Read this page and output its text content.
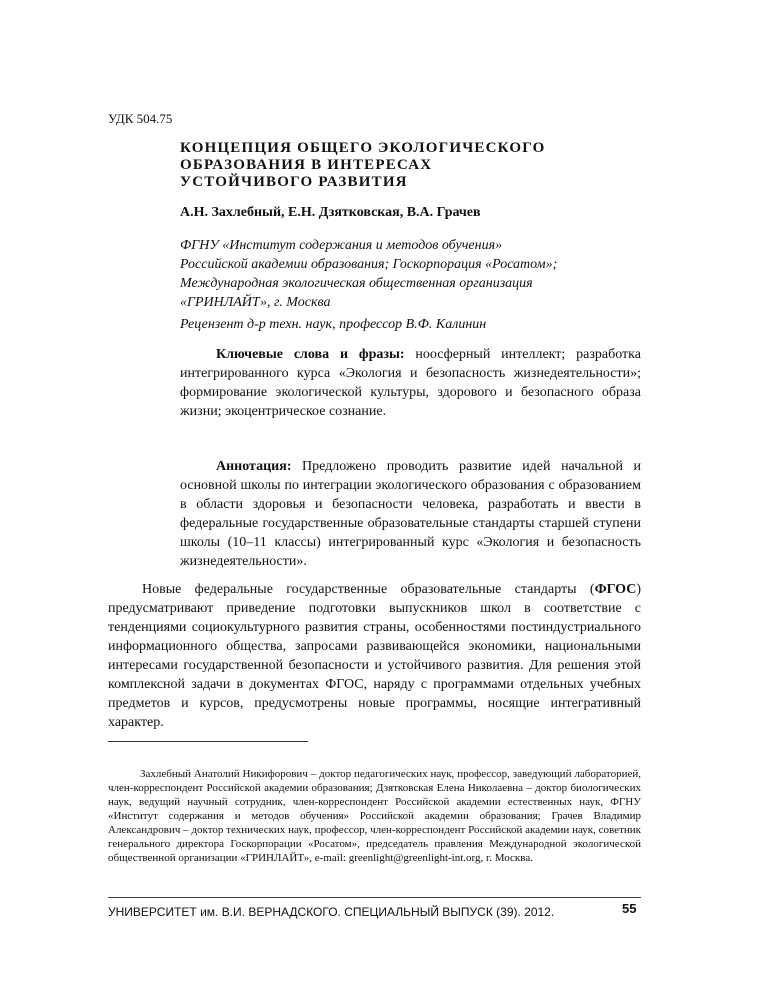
УДК 504.75
КОНЦЕПЦИЯ ОБЩЕГО ЭКОЛОГИЧЕСКОГО
ОБРАЗОВАНИЯ В ИНТЕРЕСАХ
УСТОЙЧИВОГО РАЗВИТИЯ
А.Н. Захлебный, Е.Н. Дзятковская, В.А. Грачев
ФГНУ «Институт содержания и методов обучения»
Российской академии образования; Госкорпорация «Росатом»;
Международная экологическая общественная организация
«ГРИНЛАЙТ», г. Москва
Рецензент д-р техн. наук, профессор В.Ф. Калинин
Ключевые слова и фразы: ноосферный интеллект; разработка интегрированного курса «Экология и безопасность жизнедеятельности»; формирование экологической культуры, здорового и безопасного образа жизни; экоцентрическое сознание.
Аннотация: Предложено проводить развитие идей начальной и основной школы по интеграции экологического образования с образованием в области здоровья и безопасности человека, разработать и ввести в федеральные государственные образовательные стандарты старшей ступени школы (10–11 классы) интегрированный курс «Экология и безопасность жизнедеятельности».
Новые федеральные государственные образовательные стандарты (ФГОС) предусматривают приведение подготовки выпускников школ в соответствие с тенденциями социокультурного развития страны, особенностями постиндустриального информационного общества, запросами развивающейся экономики, национальными интересами государственной безопасности и устойчивого развития. Для решения этой комплексной задачи в документах ФГОС, наряду с программами отдельных учебных предметов и курсов, предусмотрены новые программы, носящие интегративный характер.
Захлебный Анатолий Никифорович – доктор педагогических наук, профессор, заведующий лабораторией, член-корреспондент Российской академии образования; Дзятковская Елена Николаевна – доктор биологических наук, ведущий научный сотрудник, член-корреспондент Российской академии естественных наук, ФГНУ «Институт содержания и методов обучения» Российской академии образования; Грачев Владимир Александрович – доктор технических наук, профессор, член-корреспондент Российской академии наук, советник генерального директора Госкорпорации «Росатом», председатель правления Международной экологической общественной организации «ГРИНЛАЙТ», e-mail: greenlight@greenlight-int.org, г. Москва.
УНИВЕРСИТЕТ им. В.И. ВЕРНАДСКОГО. СПЕЦИАЛЬНЫЙ ВЫПУСК (39). 2012.	55
